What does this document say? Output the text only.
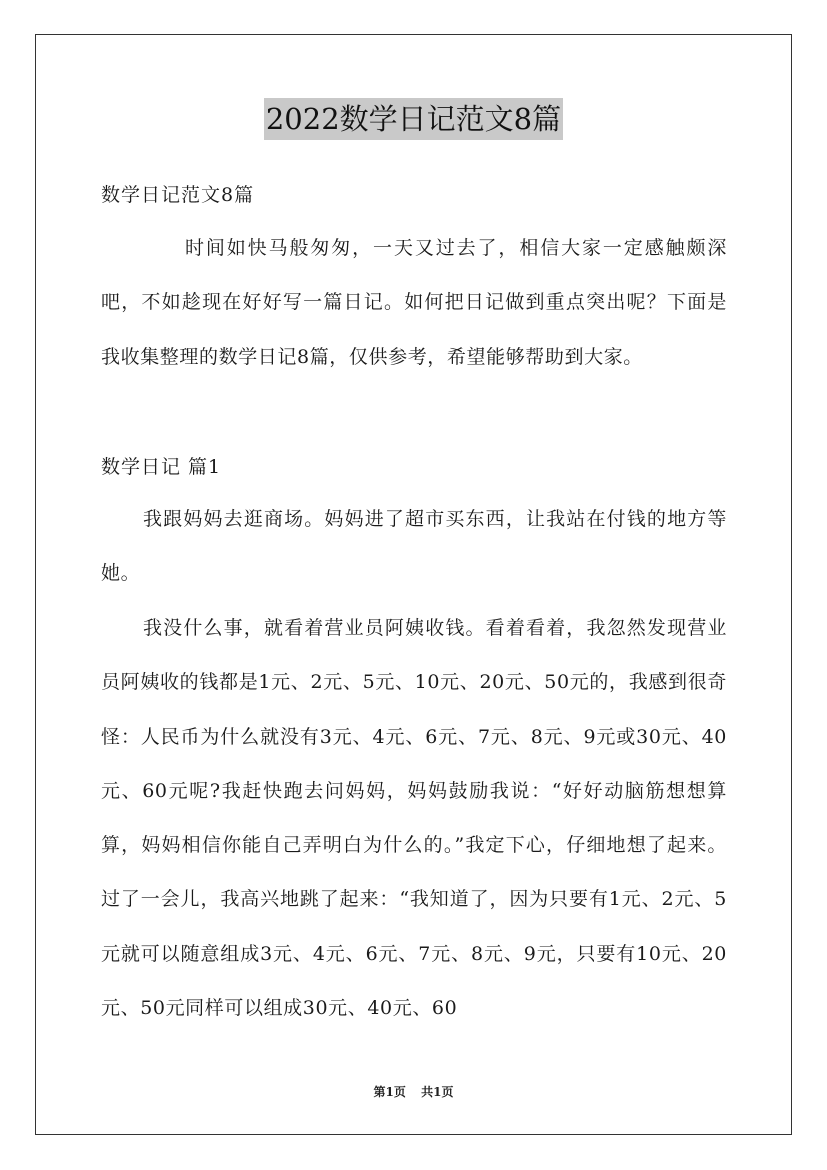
2022数学日记范文8篇
数学日记范文8篇

时间如快马般匆匆，一天又过去了，相信大家一定感触颇深吧，不如趁现在好好写一篇日记。如何把日记做到重点突出呢？下面是我收集整理的数学日记8篇，仅供参考，希望能够帮助到大家。

数学日记 篇1

我跟妈妈去逛商场。妈妈进了超市买东西，让我站在付钱的地方等她。

我没什么事，就看着营业员阿姨收钱。看着看着，我忽然发现营业员阿姨收的钱都是1元、2元、5元、10元、20元、50元的，我感到很奇怪：人民币为什么就没有3元、4元、6元、7元、8元、9元或30元、40元、60元呢?我赶快跑去问妈妈，妈妈鼓励我说：“好好动脑筋想想算算，妈妈相信你能自己弄明白为什么的。”我定下心，仔细地想了起来。过了一会儿，我高兴地跳了起来：“我知道了，因为只要有1元、2元、5元就可以随意组成3元、4元、6元、7元、8元、9元，只要有10元、20元、50元同样可以组成30元、40元、60

第1页 共1页
